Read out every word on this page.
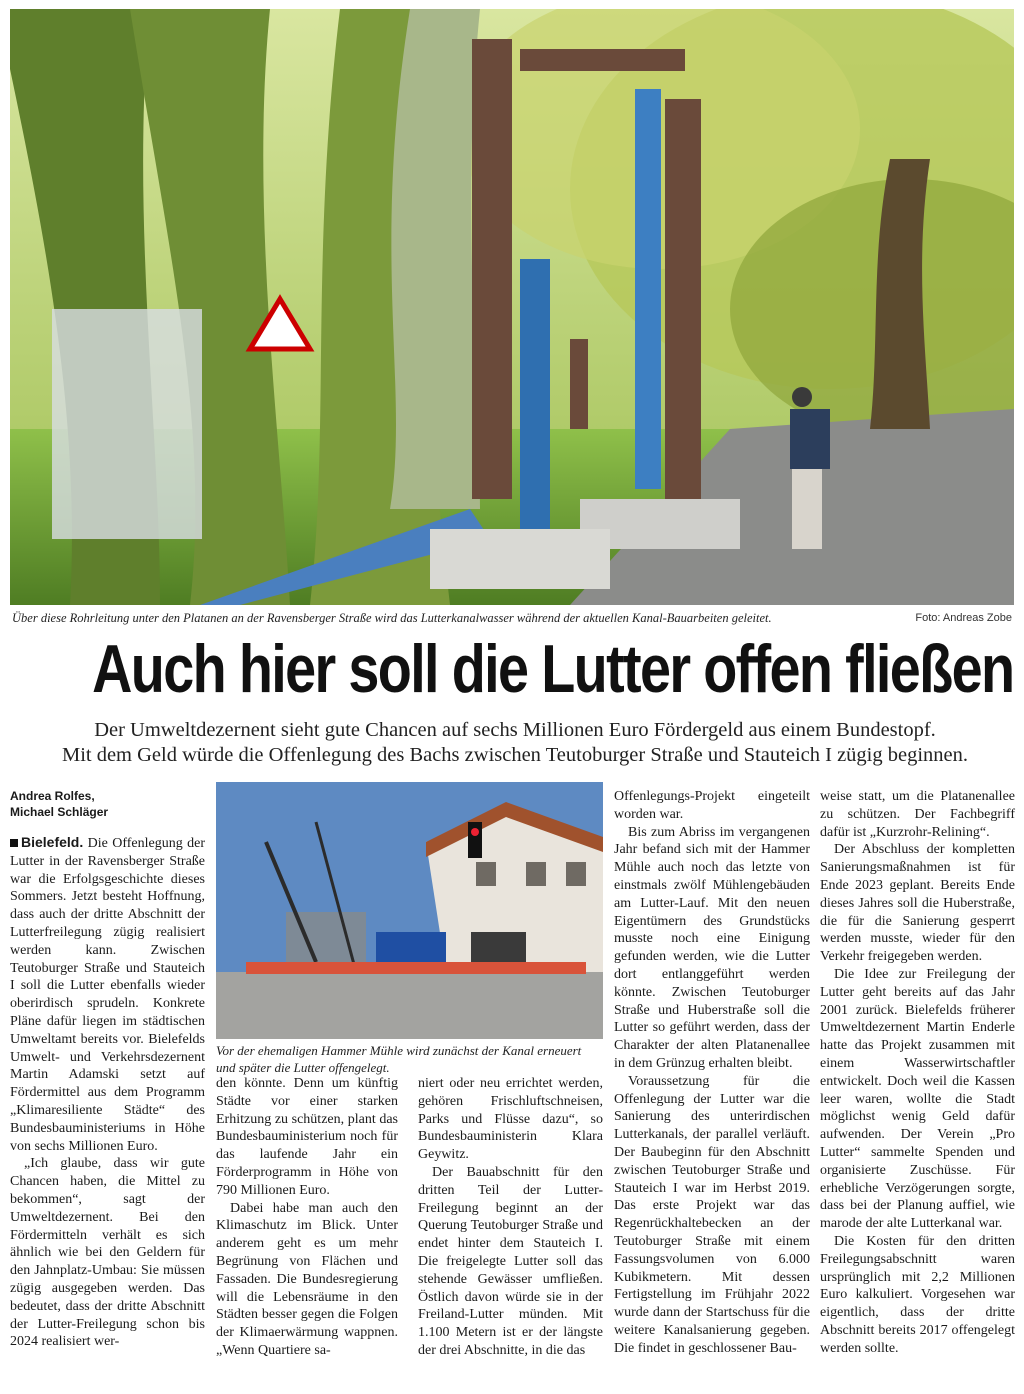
Über diese Rohrleitung unter den Platanen an der Ravensberger Straße wird das Lutterkanalwasser während der aktuellen Kanal-Bauarbeiten geleitet.	Foto: Andreas Zobe
Auch hier soll die Lutter offen fließen
Der Umweltdezernent sieht gute Chancen auf sechs Millionen Euro Fördergeld aus einem Bundestopf.
Mit dem Geld würde die Offenlegung des Bachs zwischen Teutoburger Straße und Stauteich I zügig beginnen.
Andrea Rolfes,
Michael Schläger

Bielefeld. Die Offenlegung der Lutter in der Ravensberger Straße war die Erfolgsgeschichte dieses Sommers. Jetzt besteht Hoffnung, dass auch der dritte Abschnitt der Lutterfreilegung zügig realisiert werden kann. Zwischen Teutoburger Straße und Stauteich I soll die Lutter ebenfalls wieder oberirdisch sprudeln. Konkrete Pläne dafür liegen im städtischen Umweltamt bereits vor. Bielefelds Umwelt- und Verkehrsdezernent Martin Adamski setzt auf Fördermittel aus dem Programm „Klimaresiliente Städte“ des Bundesbauministeriums in Höhe von sechs Millionen Euro.

„Ich glaube, dass wir gute Chancen haben, die Mittel zu bekommen“, sagt der Umweltdezernent. Bei den Fördermitteln verhält es sich ähnlich wie bei den Geldern für den Jahnplatz-Umbau: Sie müssen zügig ausgegeben werden. Das bedeutet, dass der dritte Abschnitt der Lutter-Freilegung schon bis 2024 realisiert wer-

Vor der ehemaligen Hammer Mühle wird zunächst der Kanal erneuert und später die Lutter offengelegt.

den könnte. Denn um künftig Städte vor einer starken Erhitzung zu schützen, plant das Bundesbauministerium noch für das laufende Jahr ein Förderprogramm in Höhe von 790 Millionen Euro.

Dabei habe man auch den Klimaschutz im Blick. Unter anderem geht es um mehr Begrünung von Flächen und Fassaden. Die Bundesregierung will die Lebensräume in den Städten besser gegen die Folgen der Klimaerwärmung wappnen. „Wenn Quartiere sa-

niert oder neu errichtet werden, gehören Frischluftschneisen, Parks und Flüsse dazu“, so Bundesbauministerin Klara Geywitz.

Der Bauabschnitt für den dritten Teil der Lutter-Freilegung beginnt an der Querung Teutoburger Straße und endet hinter dem Stauteich I. Die freigelegte Lutter soll das stehende Gewässer umfließen. Östlich davon würde sie in der Freiland-Lutter münden. Mit 1.100 Metern ist er der längste der drei Abschnitte, in die das

Offenlegungs-Projekt eingeteilt worden war.

Bis zum Abriss im vergangenen Jahr befand sich mit der Hammer Mühle auch noch das letzte von einstmals zwölf Mühlengebäuden am Lutter-Lauf. Mit den neuen Eigentümern des Grundstücks musste noch eine Einigung gefunden werden, wie die Lutter dort entlanggeführt werden könnte. Zwischen Teutoburger Straße und Huberstraße soll die Lutter so geführt werden, dass der Charakter der alten Platanenallee in dem Grünzug erhalten bleibt.

Voraussetzung für die Offenlegung der Lutter war die Sanierung des unterirdischen Lutterkanals, der parallel verläuft. Der Baubeginn für den Abschnitt zwischen Teutoburger Straße und Stauteich I war im Herbst 2019. Das erste Projekt war das Regenrückhaltebecken an der Teutoburger Straße mit einem Fassungsvolumen von 6.000 Kubikmetern. Mit dessen Fertigstellung im Frühjahr 2022 wurde dann der Startschuss für die weitere Kanalsanierung gegeben. Die findet in geschlossener Bau-

weise statt, um die Platanenallee zu schützen. Der Fachbegriff dafür ist „Kurzrohr-Relining“.

Der Abschluss der kompletten Sanierungsmaßnahmen ist für Ende 2023 geplant. Bereits Ende dieses Jahres soll die Huberstraße, die für die Sanierung gesperrt werden musste, wieder für den Verkehr freigegeben werden.

Die Idee zur Freilegung der Lutter geht bereits auf das Jahr 2001 zurück. Bielefelds früherer Umweltdezernent Martin Enderle hatte das Projekt zusammen mit einem Wasserwirtschaftler entwickelt. Doch weil die Kassen leer waren, wollte die Stadt möglichst wenig Geld dafür aufwenden. Der Verein „Pro Lutter“ sammelte Spenden und organisierte Zuschüsse. Für erhebliche Verzögerungen sorgte, dass bei der Planung auffiel, wie marode der alte Lutterkanal war.

Die Kosten für den dritten Freilegungsabschnitt waren ursprünglich mit 2,2 Millionen Euro kalkuliert. Vorgesehen war eigentlich, dass der dritte Abschnitt bereits 2017 offengelegt werden sollte.
